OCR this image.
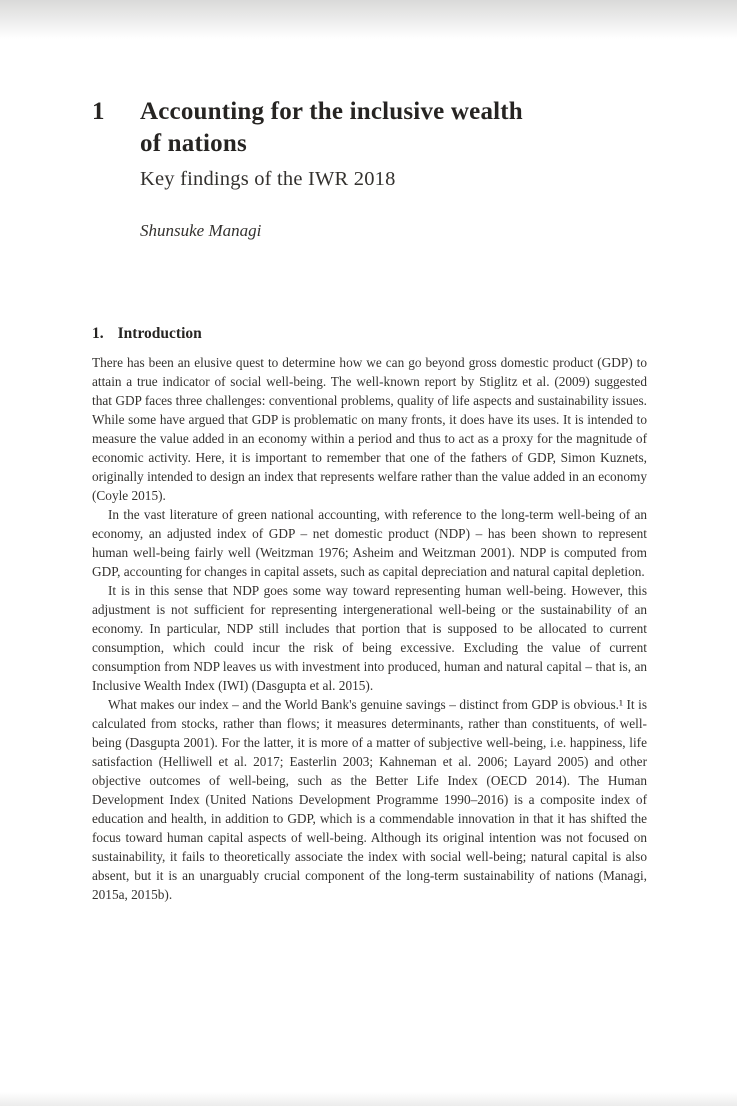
1	Accounting for the inclusive wealth of nations
Key findings of the IWR 2018
Shunsuke Managi
1. Introduction

There has been an elusive quest to determine how we can go beyond gross domestic product (GDP) to attain a true indicator of social well-being. The well-known report by Stiglitz et al. (2009) suggested that GDP faces three challenges: conventional problems, quality of life aspects and sustainability issues. While some have argued that GDP is problematic on many fronts, it does have its uses. It is intended to measure the value added in an economy within a period and thus to act as a proxy for the magnitude of economic activity. Here, it is important to remember that one of the fathers of GDP, Simon Kuznets, originally intended to design an index that represents welfare rather than the value added in an economy (Coyle 2015).

In the vast literature of green national accounting, with reference to the long-term well-being of an economy, an adjusted index of GDP – net domestic product (NDP) – has been shown to represent human well-being fairly well (Weitzman 1976; Asheim and Weitzman 2001). NDP is computed from GDP, accounting for changes in capital assets, such as capital depreciation and natural capital depletion.

It is in this sense that NDP goes some way toward representing human well-being. However, this adjustment is not sufficient for representing intergenerational well-being or the sustainability of an economy. In particular, NDP still includes that portion that is supposed to be allocated to current consumption, which could incur the risk of being excessive. Excluding the value of current consumption from NDP leaves us with investment into produced, human and natural capital – that is, an Inclusive Wealth Index (IWI) (Dasgupta et al. 2015).

What makes our index – and the World Bank's genuine savings – distinct from GDP is obvious.¹ It is calculated from stocks, rather than flows; it measures determinants, rather than constituents, of well-being (Dasgupta 2001). For the latter, it is more of a matter of subjective well-being, i.e. happiness, life satisfaction (Helliwell et al. 2017; Easterlin 2003; Kahneman et al. 2006; Layard 2005) and other objective outcomes of well-being, such as the Better Life Index (OECD 2014). The Human Development Index (United Nations Development Programme 1990–2016) is a composite index of education and health, in addition to GDP, which is a commendable innovation in that it has shifted the focus toward human capital aspects of well-being. Although its original intention was not focused on sustainability, it fails to theoretically associate the index with social well-being; natural capital is also absent, but it is an unarguably crucial component of the long-term sustainability of nations (Managi, 2015a, 2015b).
